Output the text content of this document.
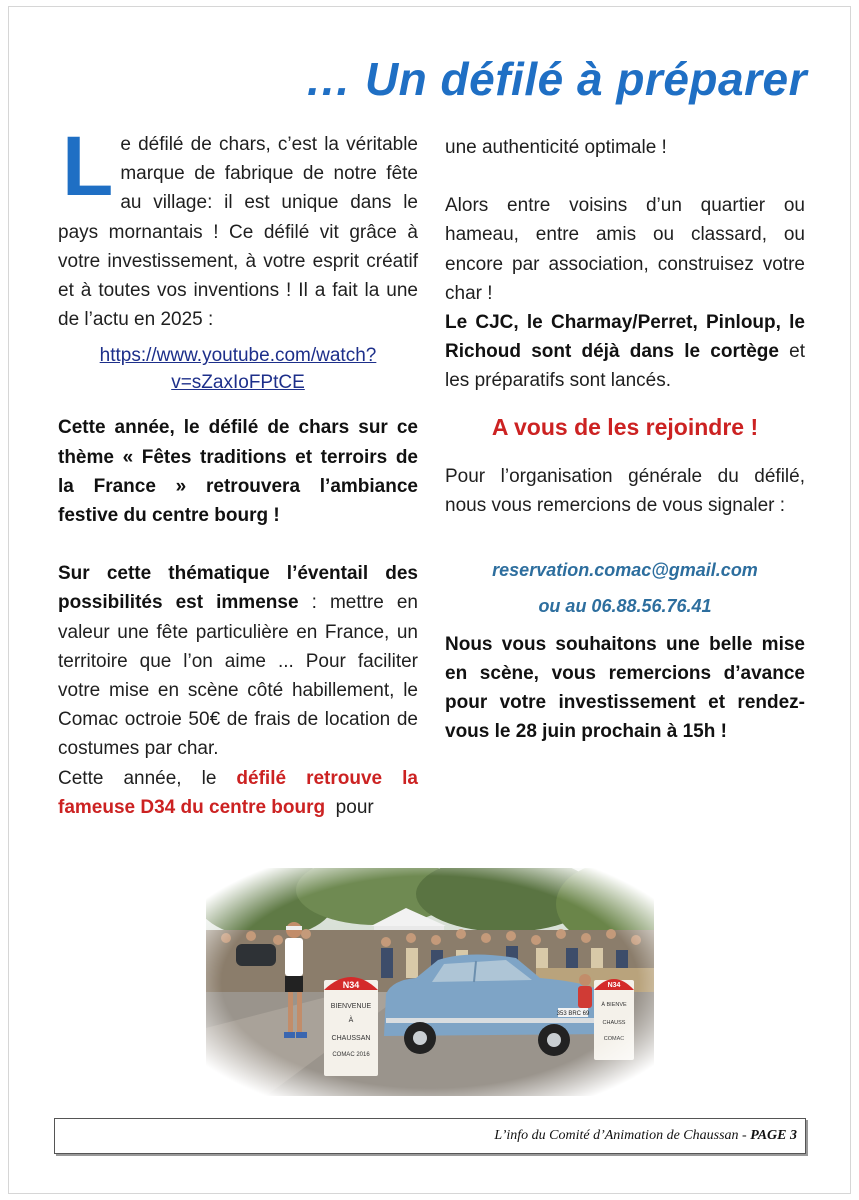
… Un défilé à préparer

Le défilé de chars, c’est la véritable marque de fabrique de notre fête au village: il est unique dans le pays mornantais ! Ce défilé vit grâce à votre investissement, à votre esprit créatif et à toutes vos inventions ! Il a fait la une de l’actu en 2025 :

https://www.youtube.com/watch?
v=sZaxIoFPtCE

Cette année, le défilé de chars sur ce thème « Fêtes traditions et terroirs de la France » retrouvera l’ambiance festive du centre bourg !

Sur cette thématique l’éventail des possibilités est immense : mettre en valeur une fête particulière en France, un territoire que l’on aime ... Pour faciliter votre mise en scène côté habillement, le Comac octroie 50€ de frais de location de costumes par char.

Cette année, le défilé retrouve la fameuse D34 du centre bourg  pour

une authenticité optimale !

Alors entre voisins d’un quartier ou hameau, entre amis ou classard, ou encore par association, construisez votre char !

Le CJC, le Charmay/Perret, Pinloup, le Richoud sont déjà dans le cortège et les préparatifs sont lancés.

A vous de les rejoindre !

Pour l’organisation générale du défilé, nous vous remercions de vous signaler :

reservation.comac@gmail.com

ou au 06.88.56.76.41

Nous vous souhaitons une belle mise en scène, vous remercions d’avance pour votre investissement et rendez-vous le 28 juin prochain à 15h !

L’info du Comité d’Animation de Chaussan - PAGE 3
